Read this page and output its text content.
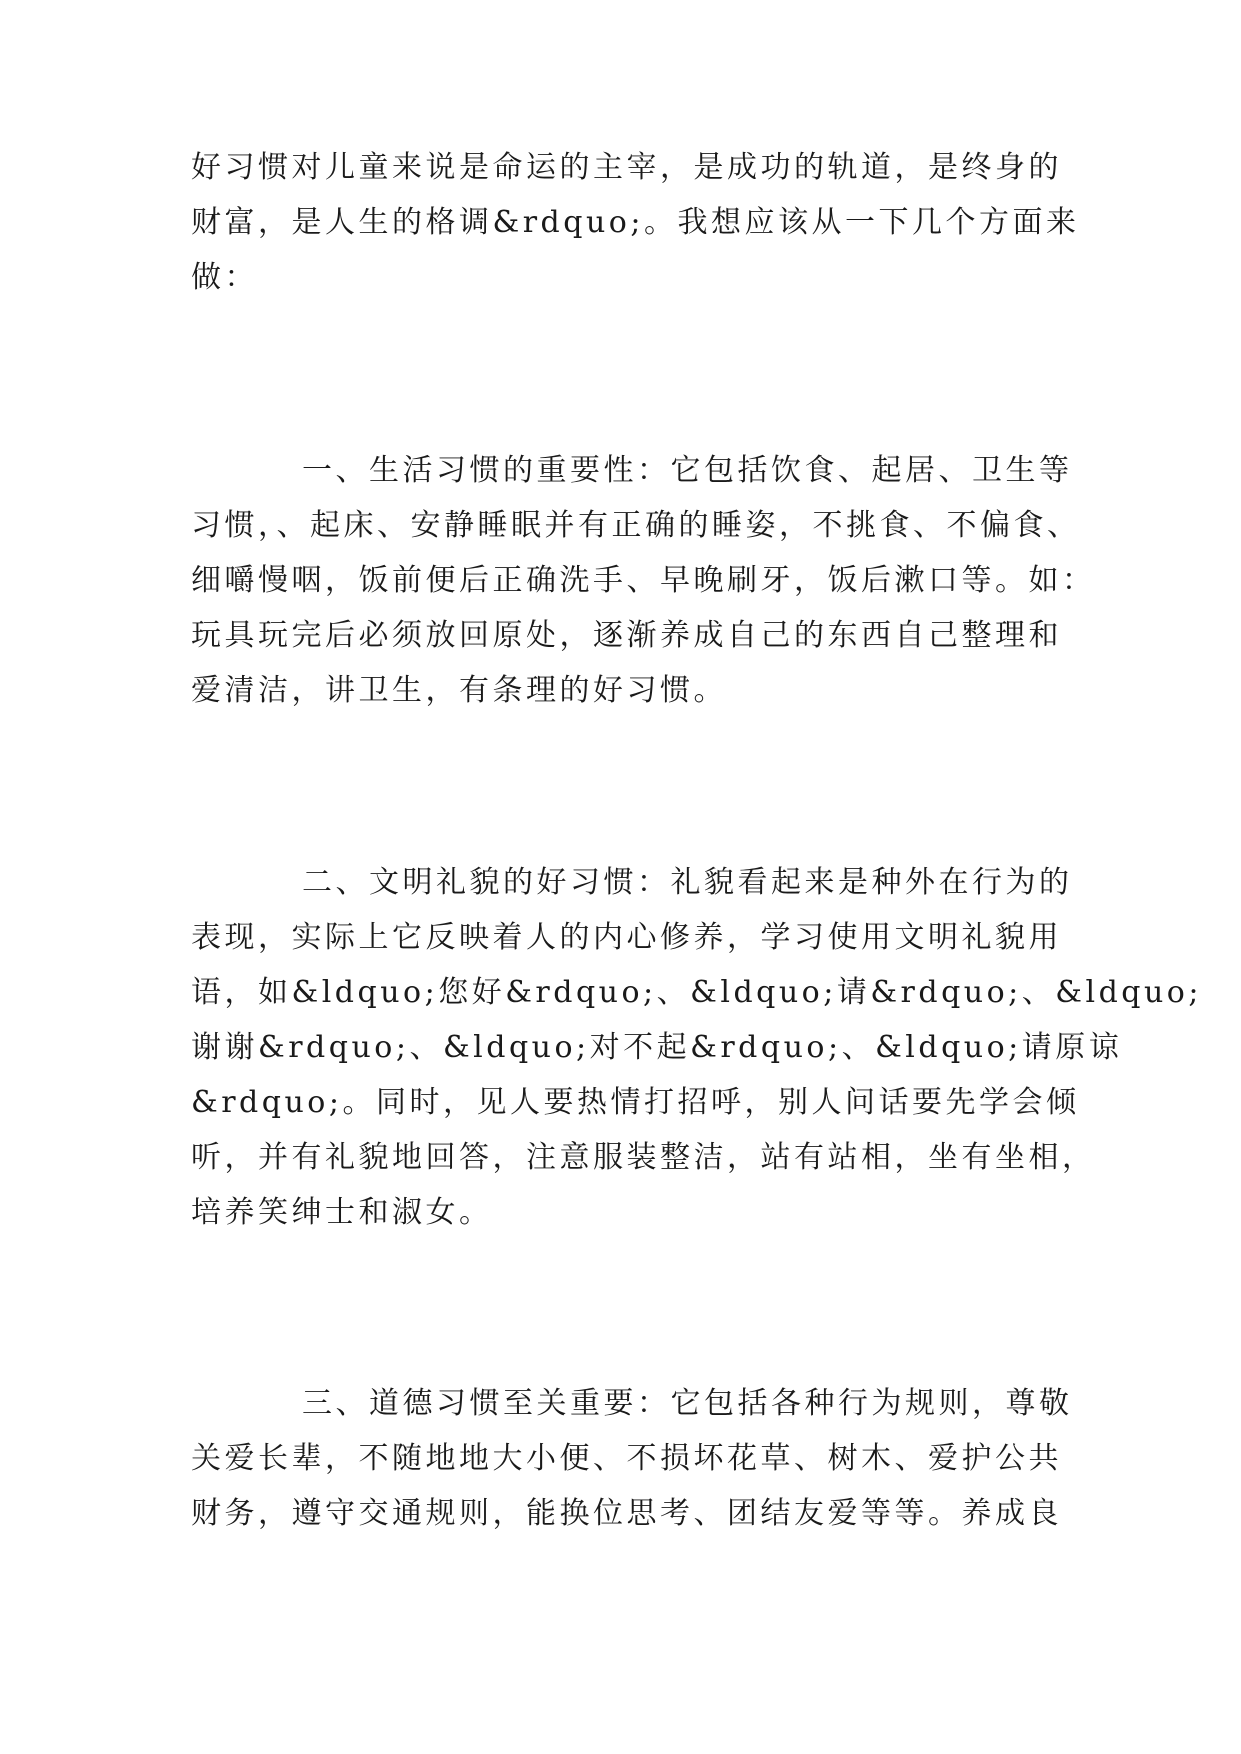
好习惯对儿童来说是命运的主宰，是成功的轨道，是终身的
财富，是人生的格调&rdquo;。我想应该从一下几个方面来
做：
一、生活习惯的重要性：它包括饮食、起居、卫生等
习惯，、起床、安静睡眠并有正确的睡姿，不挑食、不偏食、
细嚼慢咽，饭前便后正确洗手、早晚刷牙，饭后漱口等。如：
玩具玩完后必须放回原处，逐渐养成自己的东西自己整理和
爱清洁，讲卫生，有条理的好习惯。
二、文明礼貌的好习惯：礼貌看起来是种外在行为的
表现，实际上它反映着人的内心修养，学习使用文明礼貌用
语，如&ldquo;您好&rdquo;、&ldquo;请&rdquo;、&ldquo;
谢谢&rdquo;、&ldquo;对不起&rdquo;、&ldquo;请原谅
&rdquo;。同时，见人要热情打招呼，别人问话要先学会倾
听，并有礼貌地回答，注意服装整洁，站有站相，坐有坐相，
培养笑绅士和淑女。
三、道德习惯至关重要：它包括各种行为规则，尊敬
关爱长辈，不随地地大小便、不损坏花草、树木、爱护公共
财务，遵守交通规则，能换位思考、团结友爱等等。养成良
